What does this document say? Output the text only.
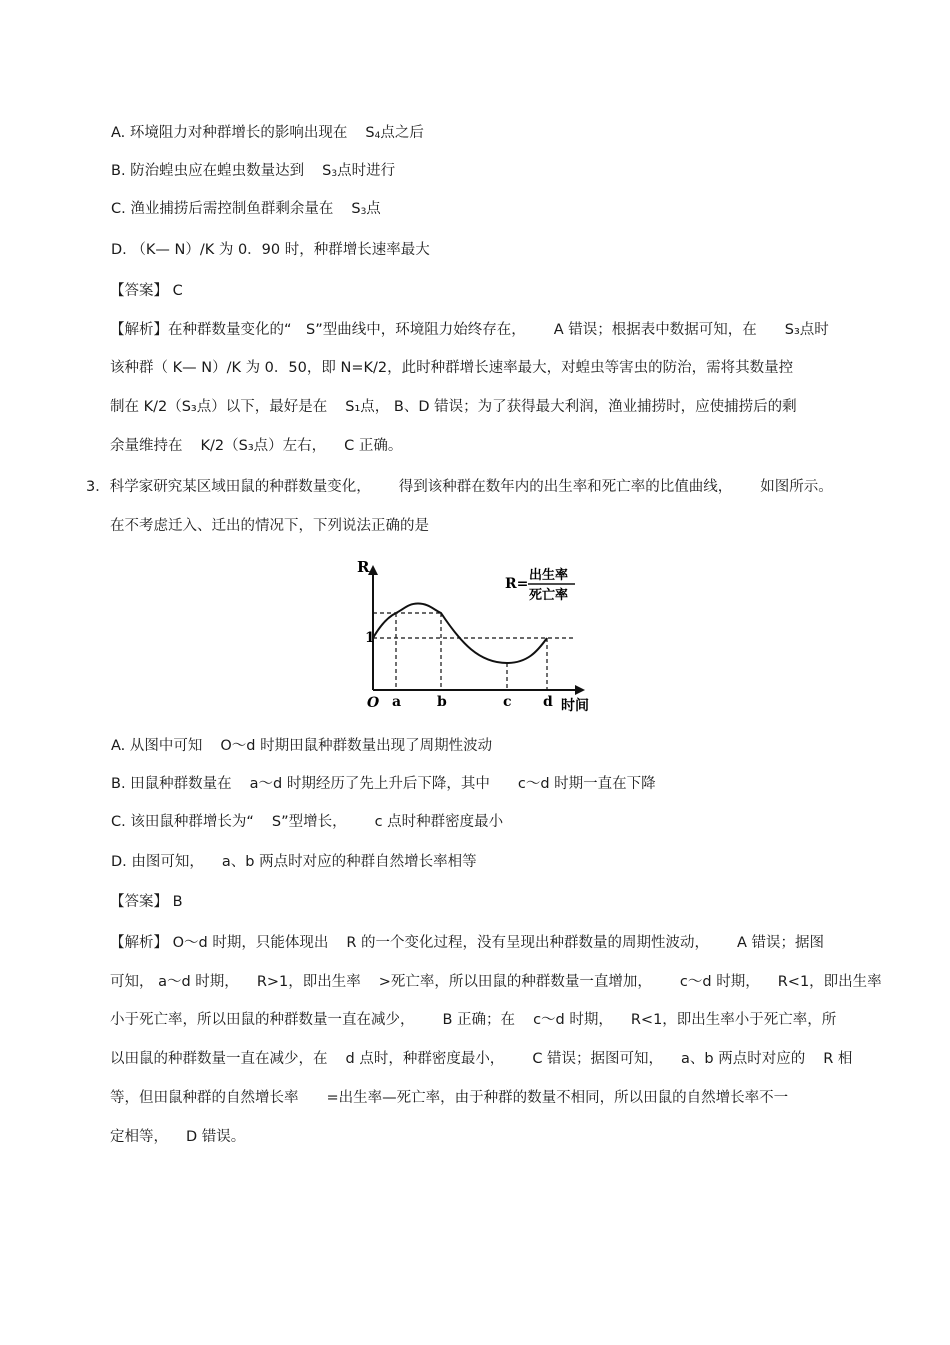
A. 环境阻力对种群增长的影响出现在 $S_4$点之后
B. 防治蝗虫应在蝗虫数量达到 $S_3$点时进行
C. 渔业捕捞后需控制鱼群剩余量在 $S_3$点
D. （K— N）/K 为 0．90 时，种群增长速率最大
【答案】 C
【解析】在种群数量变化的“　S”型曲线中，环境阻力始终存在， A 错误；根据表中数据可知，在 S₃点时
该种群（ K— N）/K 为 0．50，即 N=K/2，此时种群增长速率最大，对蝗虫等害虫的防治，需将其数量控
制在 K/2（S₃点）以下，最好是在 S₁点， B、D 错误；为了获得最大利润，渔业捕捞时，应使捕捞后的剩
余量维持在 K/2（S₃点）左右， C 正确。
3．科学家研究某区域田鼠的种群数量变化， 得到该种群在数年内的出生率和死亡率的比值曲线， 如图所示。
在不考虑迁入、迁出的情况下，下列说法正确的是
R
O	时间
1
R=
出生率
死亡率
a	b	c d
A. 从图中可知 O～d 时期田鼠种群数量出现了周期性波动
B. 田鼠种群数量在 a～d 时期经历了先上升后下降，其中 c～d 时期一直在下降
C. 该田鼠种群增长为“ S”型增长， c 点时种群密度最小
D. 由图可知， a、b 两点时对应的种群自然增长率相等
【答案】 B
【解析】 O～d 时期，只能体现出 R 的一个变化过程，没有呈现出种群数量的周期性波动， A 错误；据图
可知， a～d 时期， R>1，即出生率 >死亡率，所以田鼠的种群数量一直增加， c～d 时期， R<1，即出生率
小于死亡率，所以田鼠的种群数量一直在减少， B 正确；在 c～d 时期， R<1，即出生率小于死亡率，所
以田鼠的种群数量一直在减少，在 d 点时，种群密度最小， C 错误；据图可知， a、b 两点时对应的 R 相
等，但田鼠种群的自然增长率 =出生率—死亡率，由于种群的数量不相同，所以田鼠的自然增长率不一
定相等， D 错误。
